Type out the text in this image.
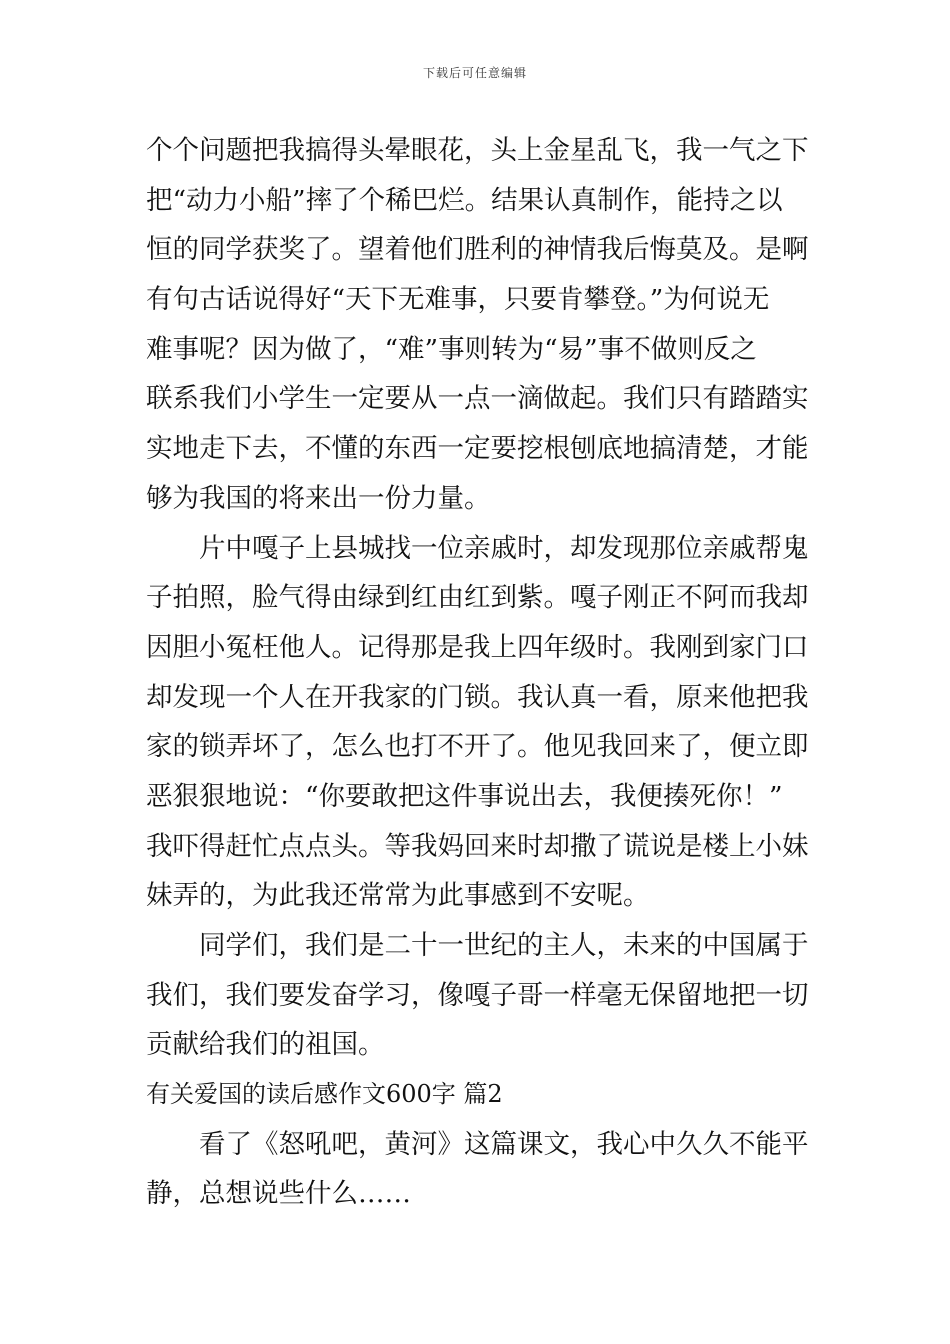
下载后可任意编辑
个个问题把我搞得头晕眼花，头上金星乱飞，我一气之下
把“动力小船”摔了个稀巴烂。结果认真制作，能持之以
恒的同学获奖了。望着他们胜利的神情我后悔莫及。是啊
有句古话说得好“天下无难事，只要肯攀登。”为何说无
难事呢？因为做了，“难”事则转为“易”事不做则反之
联系我们小学生一定要从一点一滴做起。我们只有踏踏实
实地走下去，不懂的东西一定要挖根刨底地搞清楚，才能
够为我国的将来出一份力量。
片中嘎子上县城找一位亲戚时，却发现那位亲戚帮鬼
子拍照，脸气得由绿到红由红到紫。嘎子刚正不阿而我却
因胆小冤枉他人。记得那是我上四年级时。我刚到家门口
却发现一个人在开我家的门锁。我认真一看，原来他把我
家的锁弄坏了，怎么也打不开了。他见我回来了，便立即
恶狠狠地说：“你要敢把这件事说出去，我便揍死你！”
我吓得赶忙点点头。等我妈回来时却撒了谎说是楼上小妹
妹弄的，为此我还常常为此事感到不安呢。
同学们，我们是二十一世纪的主人，未来的中国属于
我们，我们要发奋学习，像嘎子哥一样毫无保留地把一切
贡献给我们的祖国。
有关爱国的读后感作文600字 篇2
看了《怒吼吧，黄河》这篇课文，我心中久久不能平
静，总想说些什么……
